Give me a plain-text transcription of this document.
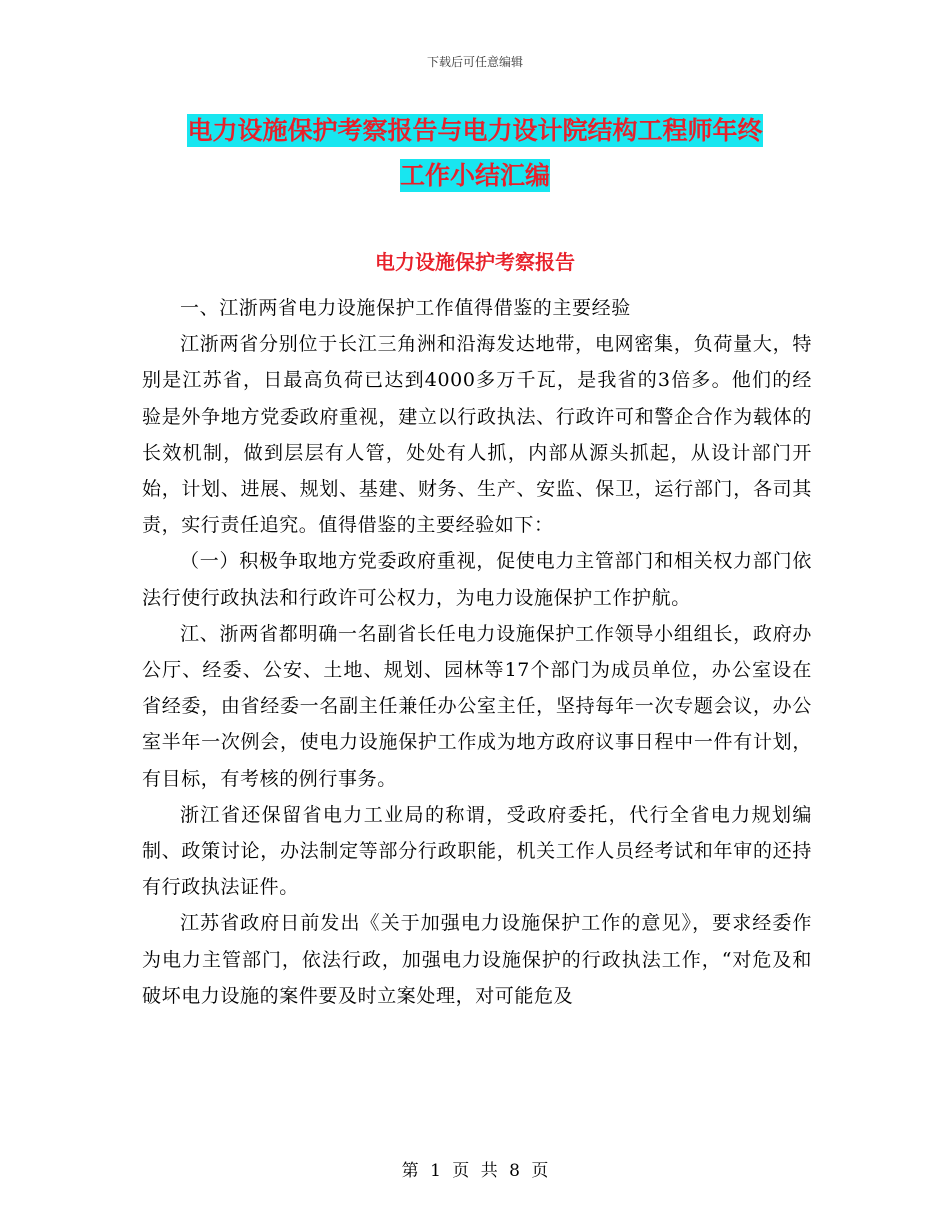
下载后可任意编辑
电力设施保护考察报告与电力设计院结构工程师年终
工作小结汇编
电力设施保护考察报告

一、江浙两省电力设施保护工作值得借鉴的主要经验

江浙两省分别位于长江三角洲和沿海发达地带，电网密集，负荷量大，特别是江苏省，日最高负荷已达到4000多万千瓦，是我省的3倍多。他们的经验是外争地方党委政府重视，建立以行政执法、行政许可和警企合作为载体的长效机制，做到层层有人管，处处有人抓，内部从源头抓起，从设计部门开始，计划、进展、规划、基建、财务、生产、安监、保卫，运行部门，各司其责，实行责任追究。值得借鉴的主要经验如下：

（一）积极争取地方党委政府重视，促使电力主管部门和相关权力部门依法行使行政执法和行政许可公权力，为电力设施保护工作护航。

江、浙两省都明确一名副省长任电力设施保护工作领导小组组长，政府办公厅、经委、公安、土地、规划、园林等17个部门为成员单位，办公室设在省经委，由省经委一名副主任兼任办公室主任，坚持每年一次专题会议，办公室半年一次例会，使电力设施保护工作成为地方政府议事日程中一件有计划，有目标，有考核的例行事务。

浙江省还保留省电力工业局的称谓，受政府委托，代行全省电力规划编制、政策讨论，办法制定等部分行政职能，机关工作人员经考试和年审的还持有行政执法证件。

江苏省政府日前发出《关于加强电力设施保护工作的意见》，要求经委作为电力主管部门，依法行政，加强电力设施保护的行政执法工作，“对危及和破坏电力设施的案件要及时立案处理，对可能危及

第 1 页 共 8 页
